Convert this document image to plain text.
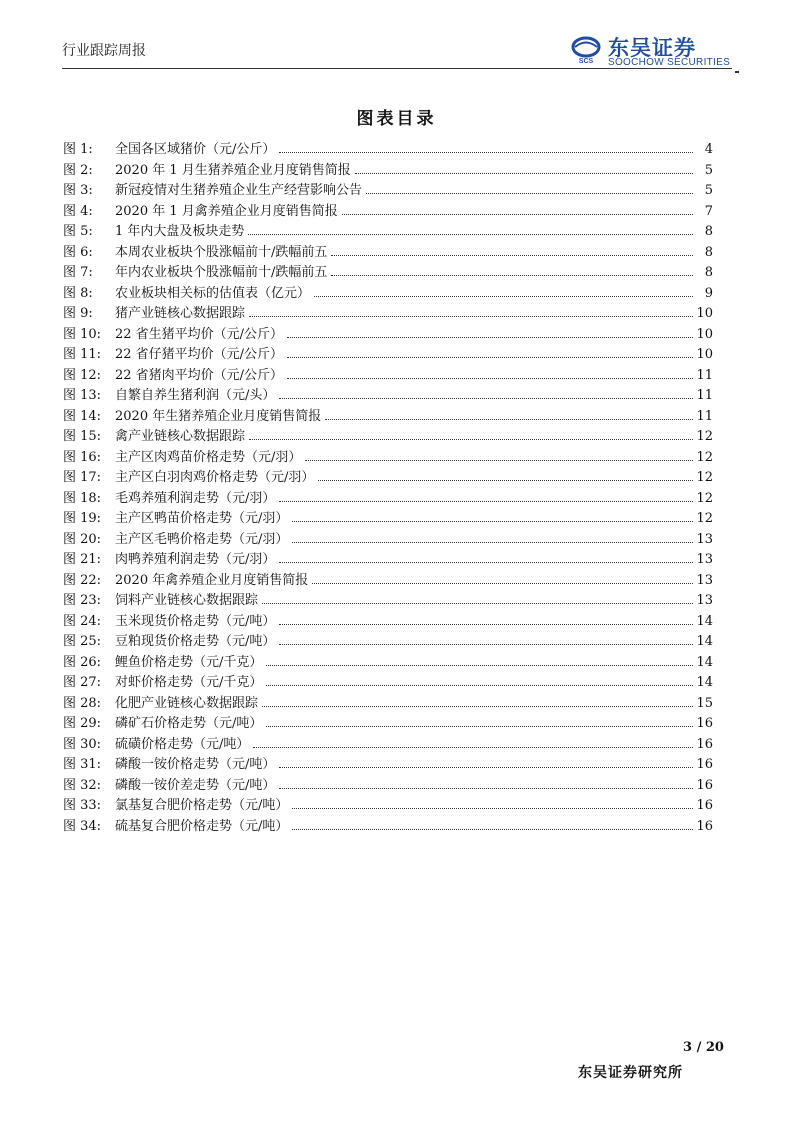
行业跟踪周报
SCS
东吴证券
SOOCHOW SECURITIES
图表目录
图 1:	全国各区域猪价（元/公斤）	4
图 2:	2020 年 1 月生猪养殖企业月度销售简报	5
图 3:	新冠疫情对生猪养殖企业生产经营影响公告	5
图 4:	2020 年 1 月禽养殖企业月度销售简报	7
图 5:	1 年内大盘及板块走势	8
图 6:	本周农业板块个股涨幅前十/跌幅前五	8
图 7:	年内农业板块个股涨幅前十/跌幅前五	8
图 8:	农业板块相关标的估值表（亿元）	9
图 9:	猪产业链核心数据跟踪	10
图 10:	22 省生猪平均价（元/公斤）	10
图 11:	22 省仔猪平均价（元/公斤）	10
图 12:	22 省猪肉平均价（元/公斤）	11
图 13:	自繁自养生猪利润（元/头）	11
图 14:	2020 年生猪养殖企业月度销售简报	11
图 15:	禽产业链核心数据跟踪	12
图 16:	主产区肉鸡苗价格走势（元/羽）	12
图 17:	主产区白羽肉鸡价格走势（元/羽）	12
图 18:	毛鸡养殖利润走势（元/羽）	12
图 19:	主产区鸭苗价格走势（元/羽）	12
图 20:	主产区毛鸭价格走势（元/羽）	13
图 21:	肉鸭养殖利润走势（元/羽）	13
图 22:	2020 年禽养殖企业月度销售简报	13
图 23:	饲料产业链核心数据跟踪	13
图 24:	玉米现货价格走势（元/吨）	14
图 25:	豆粕现货价格走势（元/吨）	14
图 26:	鲤鱼价格走势（元/千克）	14
图 27:	对虾价格走势（元/千克）	14
图 28:	化肥产业链核心数据跟踪	15
图 29:	磷矿石价格走势（元/吨）	16
图 30:	硫磺价格走势（元/吨）	16
图 31:	磷酸一铵价格走势（元/吨）	16
图 32:	磷酸一铵价差走势（元/吨）	16
图 33:	氯基复合肥价格走势（元/吨）	16
图 34:	硫基复合肥价格走势（元/吨）	16
3 / 20
东吴证券研究所
